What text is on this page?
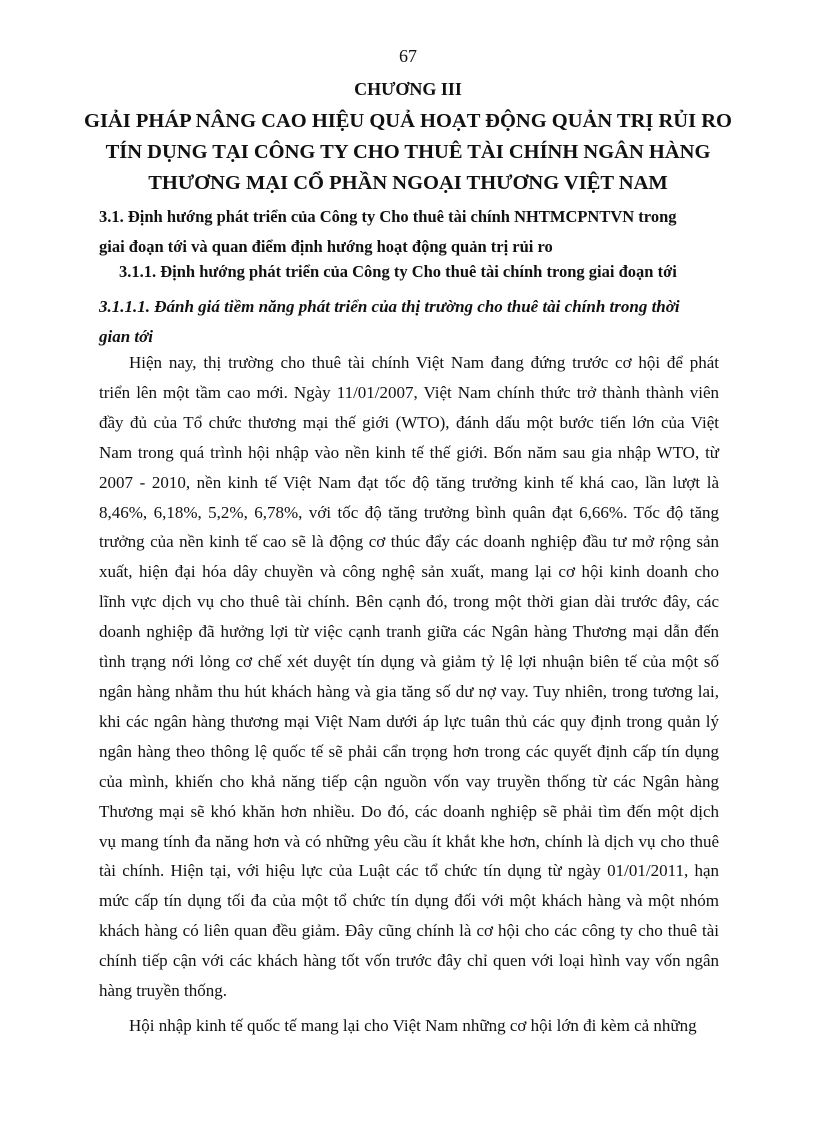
67
CHƯƠNG III
GIẢI PHÁP NÂNG CAO HIỆU QUẢ HOẠT ĐỘNG QUẢN TRỊ RỦI RO
TÍN DỤNG TẠI CÔNG TY CHO THUÊ TÀI CHÍNH NGÂN HÀNG
THƯƠNG MẠI CỔ PHẦN NGOẠI THƯƠNG VIỆT NAM
3.1. Định hướng phát triển của Công ty Cho thuê tài chính NHTMCPNTVN trong
giai đoạn tới và quan điểm định hướng hoạt động quản trị rủi ro
3.1.1. Định hướng phát triển của Công ty Cho thuê tài chính trong giai đoạn tới
3.1.1.1. Đánh giá tiềm năng phát triển của thị trường cho thuê tài chính trong thời
gian tới
Hiện nay, thị trường cho thuê tài chính Việt Nam đang đứng trước cơ hội để phát
triển lên một tầm cao mới. Ngày 11/01/2007, Việt Nam chính thức trở thành thành viên
đầy đủ của Tổ chức thương mại thế giới (WTO), đánh dấu một bước tiến lớn của Việt
Nam trong quá trình hội nhập vào nền kinh tế thế giới. Bốn năm sau gia nhập WTO, từ
2007 - 2010, nền kinh tế Việt Nam đạt tốc độ tăng trưởng kinh tế khá cao, lần lượt là
8,46%, 6,18%, 5,2%, 6,78%, với tốc độ tăng trưởng bình quân đạt 6,66%. Tốc độ tăng
trưởng của nền kinh tế cao sẽ là động cơ thúc đẩy các doanh nghiệp đầu tư mở rộng sản
xuất, hiện đại hóa dây chuyền và công nghệ sản xuất, mang lại cơ hội kinh doanh cho
lĩnh vực dịch vụ cho thuê tài chính. Bên cạnh đó, trong một thời gian dài trước đây, các
doanh nghiệp đã hưởng lợi từ việc cạnh tranh giữa các Ngân hàng Thương mại dẫn đến
tình trạng nới lỏng cơ chế xét duyệt tín dụng và giảm tỷ lệ lợi nhuận biên tế của một số
ngân hàng nhằm thu hút khách hàng và gia tăng số dư nợ vay. Tuy nhiên, trong tương lai,
khi các ngân hàng thương mại Việt Nam dưới áp lực tuân thủ các quy định trong quản lý
ngân hàng theo thông lệ quốc tế sẽ phải cẩn trọng hơn trong các quyết định cấp tín dụng
của mình, khiến cho khả năng tiếp cận nguồn vốn vay truyền thống từ các Ngân hàng
Thương mại sẽ khó khăn hơn nhiều. Do đó, các doanh nghiệp sẽ phải tìm đến một dịch
vụ mang tính đa năng hơn và có những yêu cầu ít khắt khe hơn, chính là dịch vụ cho thuê
tài chính. Hiện tại, với hiệu lực của Luật các tổ chức tín dụng từ ngày 01/01/2011, hạn
mức cấp tín dụng tối đa của một tổ chức tín dụng đối với một khách hàng và một nhóm
khách hàng có liên quan đều giảm. Đây cũng chính là cơ hội cho các công ty cho thuê tài
chính tiếp cận với các khách hàng tốt vốn trước đây chỉ quen với loại hình vay vốn ngân
hàng truyền thống.
Hội nhập kinh tế quốc tế mang lại cho Việt Nam những cơ hội lớn đi kèm cả những
